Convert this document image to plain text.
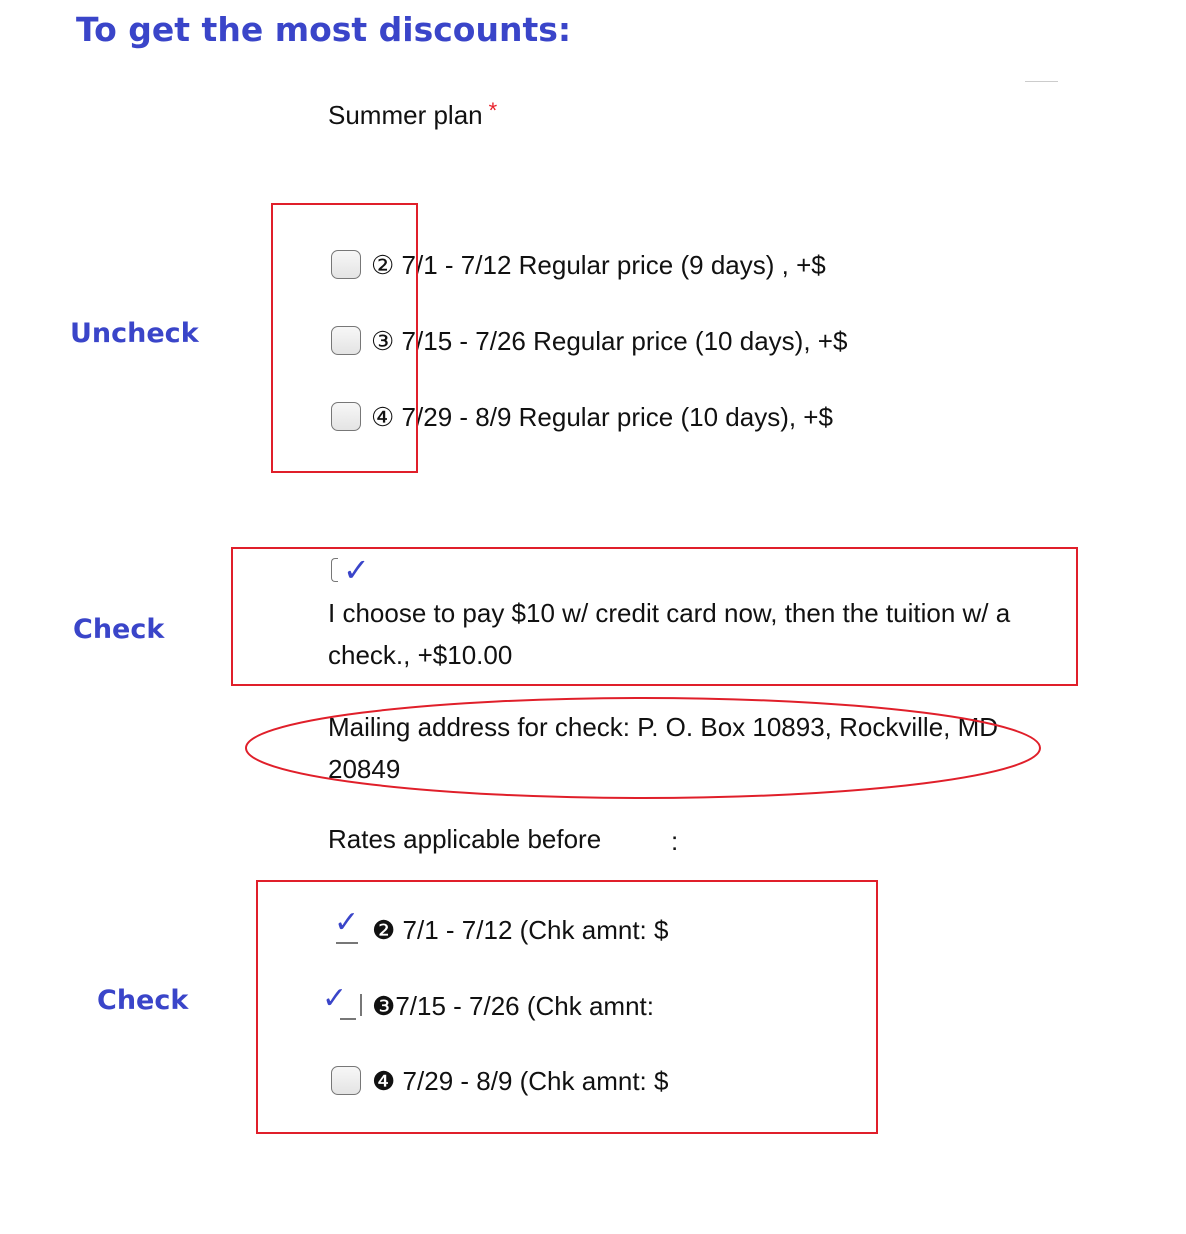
To get the most discounts:
Uncheck
Check
Check
Summer plan *
② 7/1 - 7/12 Regular price (9 days) , +$
③ 7/15 - 7/26 Regular price (10 days), +$
④ 7/29 - 8/9 Regular price (10 days), +$
✓
I choose to pay $10 w/ credit card now, then the tuition w/ a check., +$10.00
Mailing address for check: P. O. Box 10893, Rockville, MD 20849
Rates applicable before	:
✓ ❷ 7/1 - 7/12 (Chk amnt: $
✓ ❸7/15 - 7/26 (Chk amnt:
❹ 7/29 - 8/9 (Chk amnt: $
